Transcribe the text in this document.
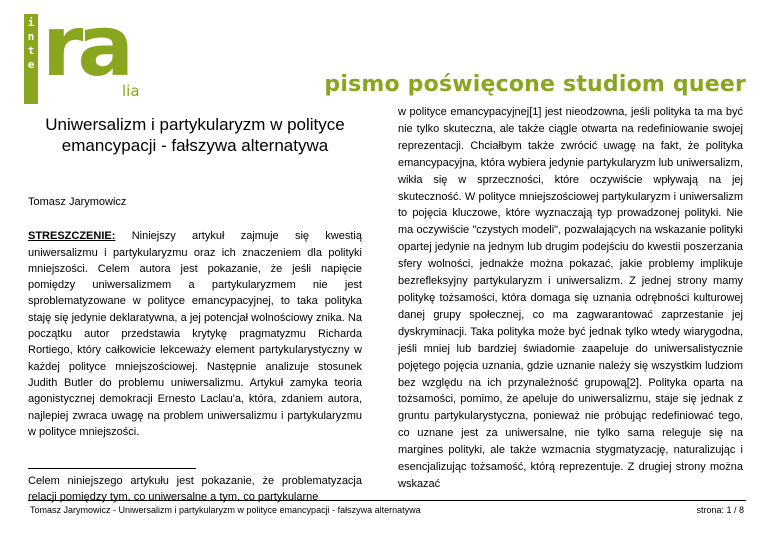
i
n
t
e ra
lia	pismo poświęcone studiom queer
Uniwersalizm i partykularyzm w polityce emancypacji - fałszywa alternatywa
Tomasz Jarymowicz
STRESZCZENIE: Niniejszy artykuł zajmuje się kwestią uniwersalizmu i partykularyzmu oraz ich znaczeniem dla polityki mniejszości. Celem autora jest pokazanie, że jeśli napięcie pomiędzy uniwersalizmem a partykularyzmem nie jest sproblematyzowane w polityce emancypacyjnej, to taka polityka staję się jedynie deklaratywna, a jej potencjał wolnościowy znika. Na początku autor przedstawia krytykę pragmatyzmu Richarda Rortiego, który całkowicie lekceważy element partykularystyczny w każdej polityce mniejszościowej. Następnie analizuje stosunek Judith Butler do problemu uniwersalizmu. Artykuł zamyka teoria agonistycznej demokracji Ernesto Laclau'a, która, zdaniem autora, najlepiej zwraca uwagę na problem uniwersalizmu i partykularyzmu w polityce mniejszości.
Celem niniejszego artykułu jest pokazanie, że problematyzacja relacji pomiędzy tym, co uniwersalne a tym, co partykularne
w polityce emancypacyjnej[1] jest nieodzowna, jeśli polityka ta ma być nie tylko skuteczna, ale także ciągle otwarta na redefiniowanie swojej reprezentacji. Chciałbym także zwrócić uwagę na fakt, że polityka emancypacyjna, która wybiera jedynie partykularyzm lub uniwersalizm, wikła się w sprzeczności, które oczywiście wpływają na jej skuteczność. W polityce mniejszościowej partykularyzm i uniwersalizm to pojęcia kluczowe, które wyznaczają typ prowadzonej polityki. Nie ma oczywiście "czystych modeli", pozwalających na wskazanie polityki opartej jedynie na jednym lub drugim podejściu do kwestii poszerzania sfery wolności, jednakże można pokazać, jakie problemy implikuje bezrefleksyjny partykularyzm i uniwersalizm. Z jednej strony mamy politykę tożsamości, która domaga się uznania odrębności kulturowej danej grupy społecznej, co ma zagwarantować zaprzestanie jej dyskryminacji. Taka polityka może być jednak tylko wtedy wiarygodna, jeśli mniej lub bardziej świadomie zaapeluje do uniwersalistycznie pojętego pojęcia uznania, gdzie uznanie należy się wszystkim ludziom bez względu na ich przynależność grupową[2]. Polityka oparta na tożsamości, pomimo, że apeluje do uniwersalizmu, staje się jednak z gruntu partykularystyczna, ponieważ nie próbując redefiniować tego, co uznane jest za uniwersalne, nie tylko sama releguje się na margines polityki, ale także wzmacnia stygmatyzację, naturalizując i esencjalizując tożsamość, którą reprezentuje. Z drugiej strony można wskazać
Tomasz Jarymowicz - Uniwersalizm i partykularyzm w polityce emancypacji - fałszywa alternatywa	strona: 1 / 8
